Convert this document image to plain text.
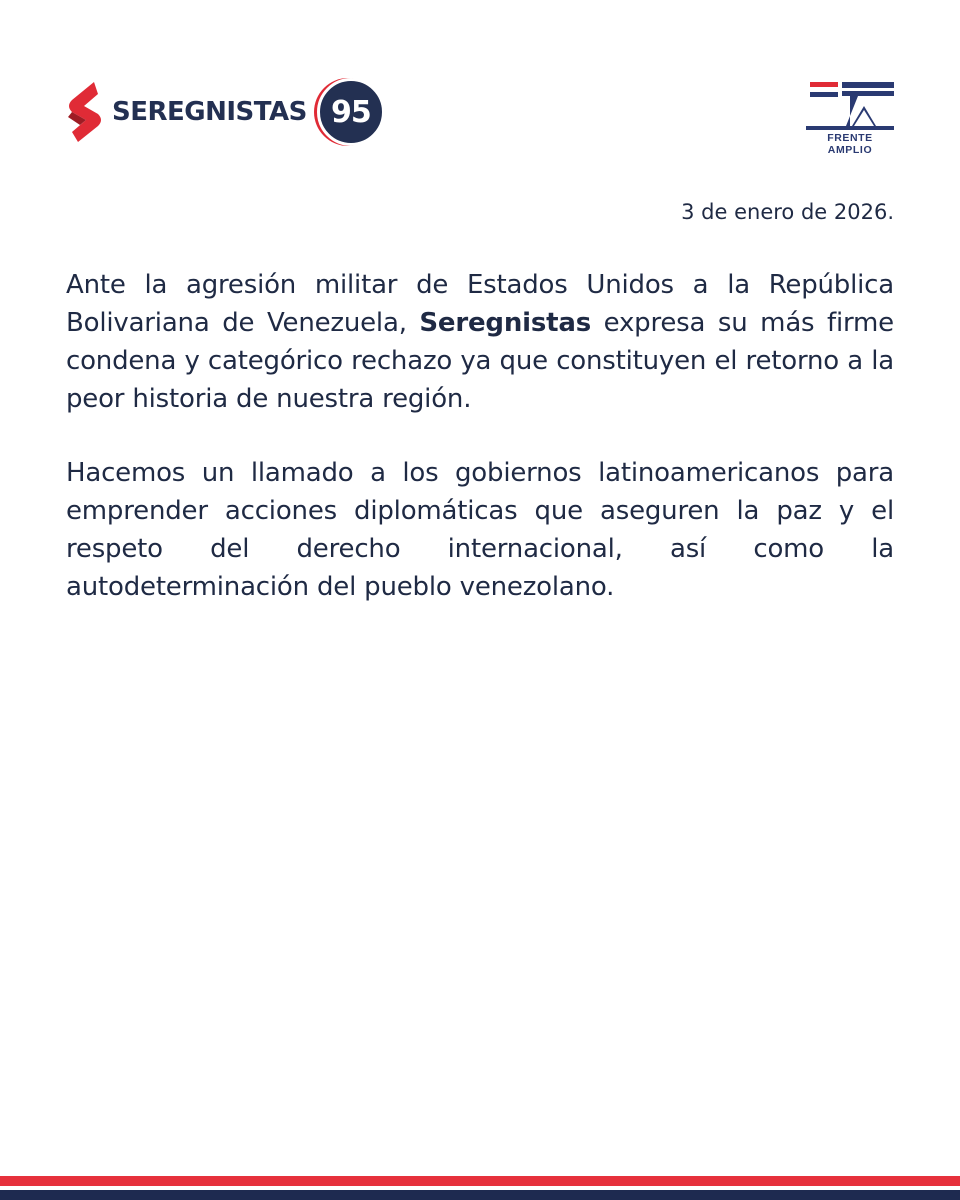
SEREGNISTAS 95
FRENTE AMPLIO
3 de enero de 2026.

Ante la agresión militar de Estados Unidos a la República Bolivariana de Venezuela, Seregnistas expresa su más firme condena y categórico rechazo ya que constituyen el retorno a la peor historia de nuestra región.

Hacemos un llamado a los gobiernos latinoamericanos para emprender acciones diplomáticas que aseguren la paz y el respeto del derecho internacional, así como la autodeterminación del pueblo venezolano.
